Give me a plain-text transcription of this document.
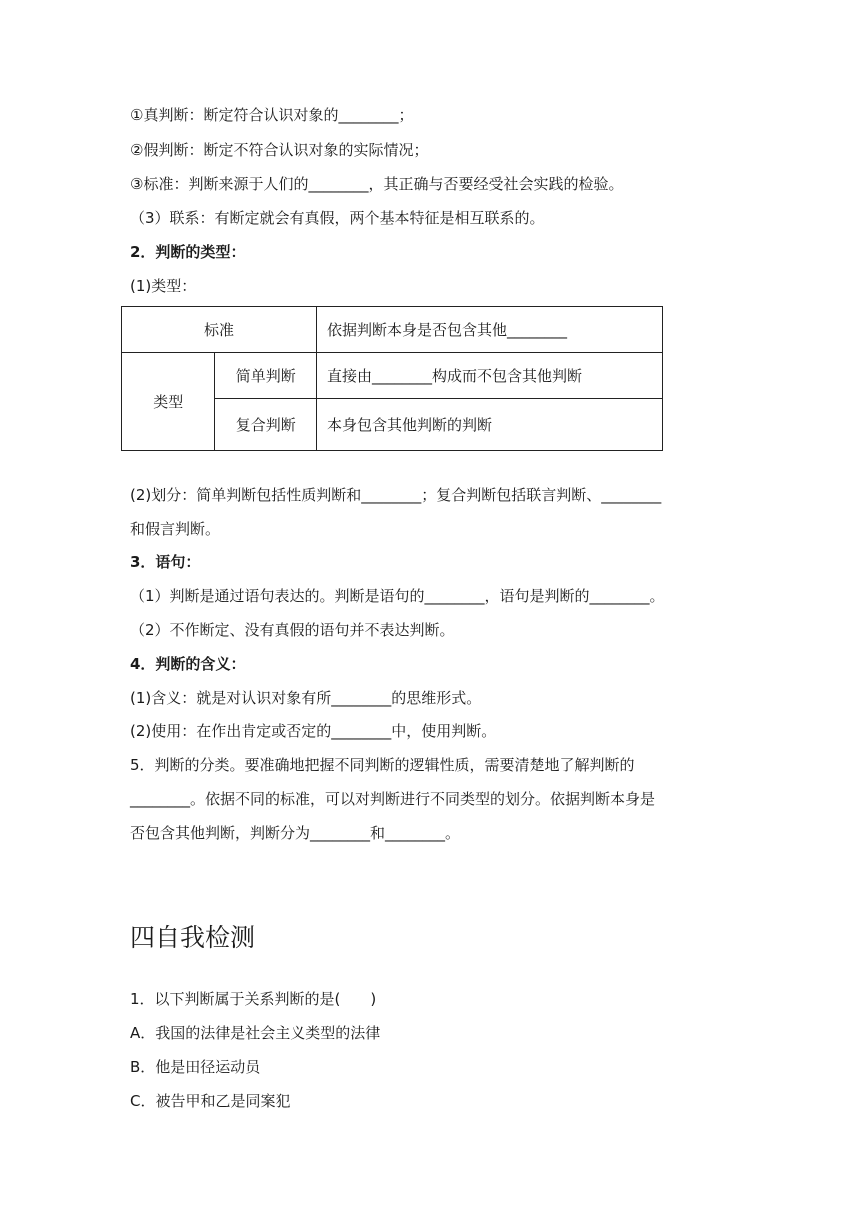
①真判断：断定符合认识对象的________；
②假判断：断定不符合认识对象的实际情况；
③标准：判断来源于人们的________，其正确与否要经受社会实践的检验。
（3）联系：有断定就会有真假，两个基本特征是相互联系的。
2．判断的类型：
(1)类型：
标准		依据判断本身是否包含其他________
类型	简单判断	直接由________构成而不包含其他判断
	复合判断	本身包含其他判断的判断
(2)划分：简单判断包括性质判断和________；复合判断包括联言判断、________
和假言判断。
3．语句：
（1）判断是通过语句表达的。判断是语句的________，语句是判断的________。
（2）不作断定、没有真假的语句并不表达判断。
4．判断的含义：
(1)含义：就是对认识对象有所________的思维形式。
(2)使用：在作出肯定或否定的________中，使用判断。
5．判断的分类。要准确地把握不同判断的逻辑性质，需要清楚地了解判断的
________。依据不同的标准，可以对判断进行不同类型的划分。依据判断本身是
否包含其他判断，判断分为________和________。
四自我检测
1．以下判断属于关系判断的是(　　)
A．我国的法律是社会主义类型的法律
B．他是田径运动员
C．被告甲和乙是同案犯
